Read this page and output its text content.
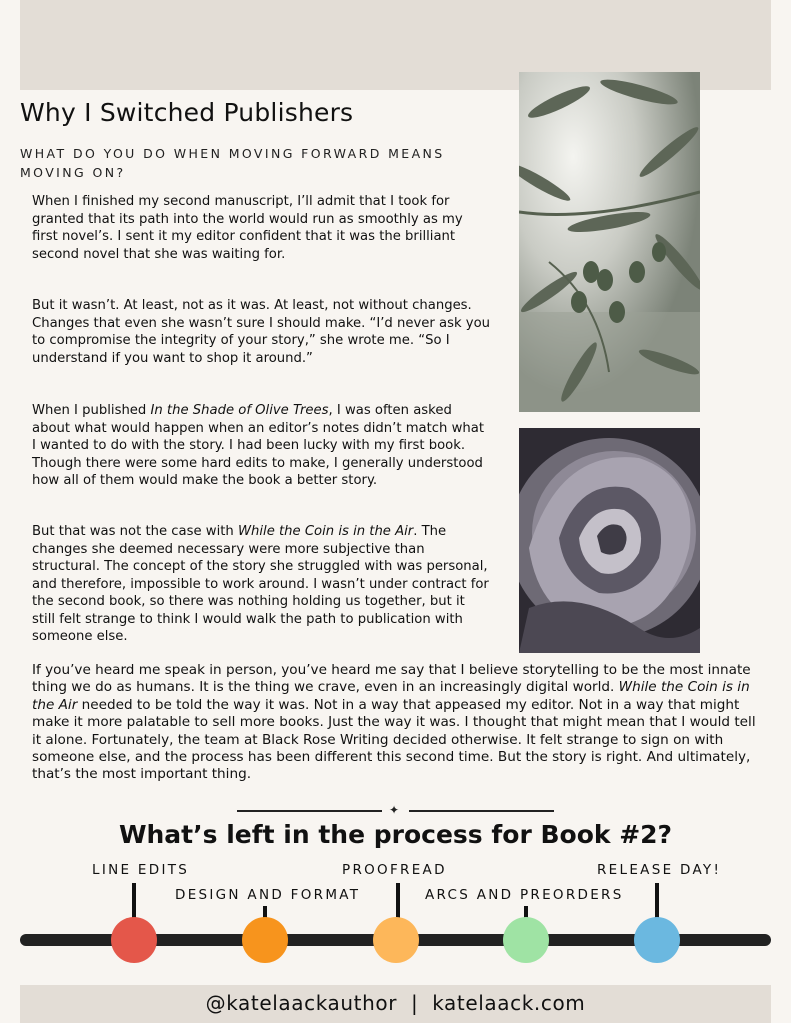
Why I Switched Publishers
WHAT DO YOU DO WHEN MOVING FORWARD MEANS MOVING ON?

When I finished my second manuscript, I’ll admit that I took for granted that its path into the world would run as smoothly as my first novel’s. I sent it my editor confident that it was the brilliant second novel that she was waiting for.

But it wasn’t. At least, not as it was. At least, not without changes. Changes that even she wasn’t sure I should make. “I’d never ask you to compromise the integrity of your story,” she wrote me. “So I understand if you want to shop it around.”

When I published In the Shade of Olive Trees, I was often asked about what would happen when an editor’s notes didn’t match what I wanted to do with the story. I had been lucky with my first book. Though there were some hard edits to make, I generally understood how all of them would make the book a better story.

But that was not the case with While the Coin is in the Air. The changes she deemed necessary were more subjective than structural. The concept of the story she struggled with was personal, and therefore, impossible to work around. I wasn’t under contract for the second book, so there was nothing holding us together, but it still felt strange to think I would walk the path to publication with someone else.

If you’ve heard me speak in person, you’ve heard me say that I believe storytelling to be the most innate thing we do as humans. It is the thing we crave, even in an increasingly digital world. While the Coin is in the Air needed to be told the way it was. Not in a way that appeased my editor. Not in a way that might make it more palatable to sell more books. Just the way it was. I thought that might mean that I would tell it alone. Fortunately, the team at Black Rose Writing decided otherwise. It felt strange to sign on with someone else, and the process has been different this second time. But the story is right. And ultimately, that’s the most important thing.

✦
What’s left in the process for Book #2?
LINE EDITS
DESIGN AND FORMAT
PROOFREAD
ARCS AND PREORDERS
RELEASE DAY!
@katelaackauthor  |  katelaack.com
